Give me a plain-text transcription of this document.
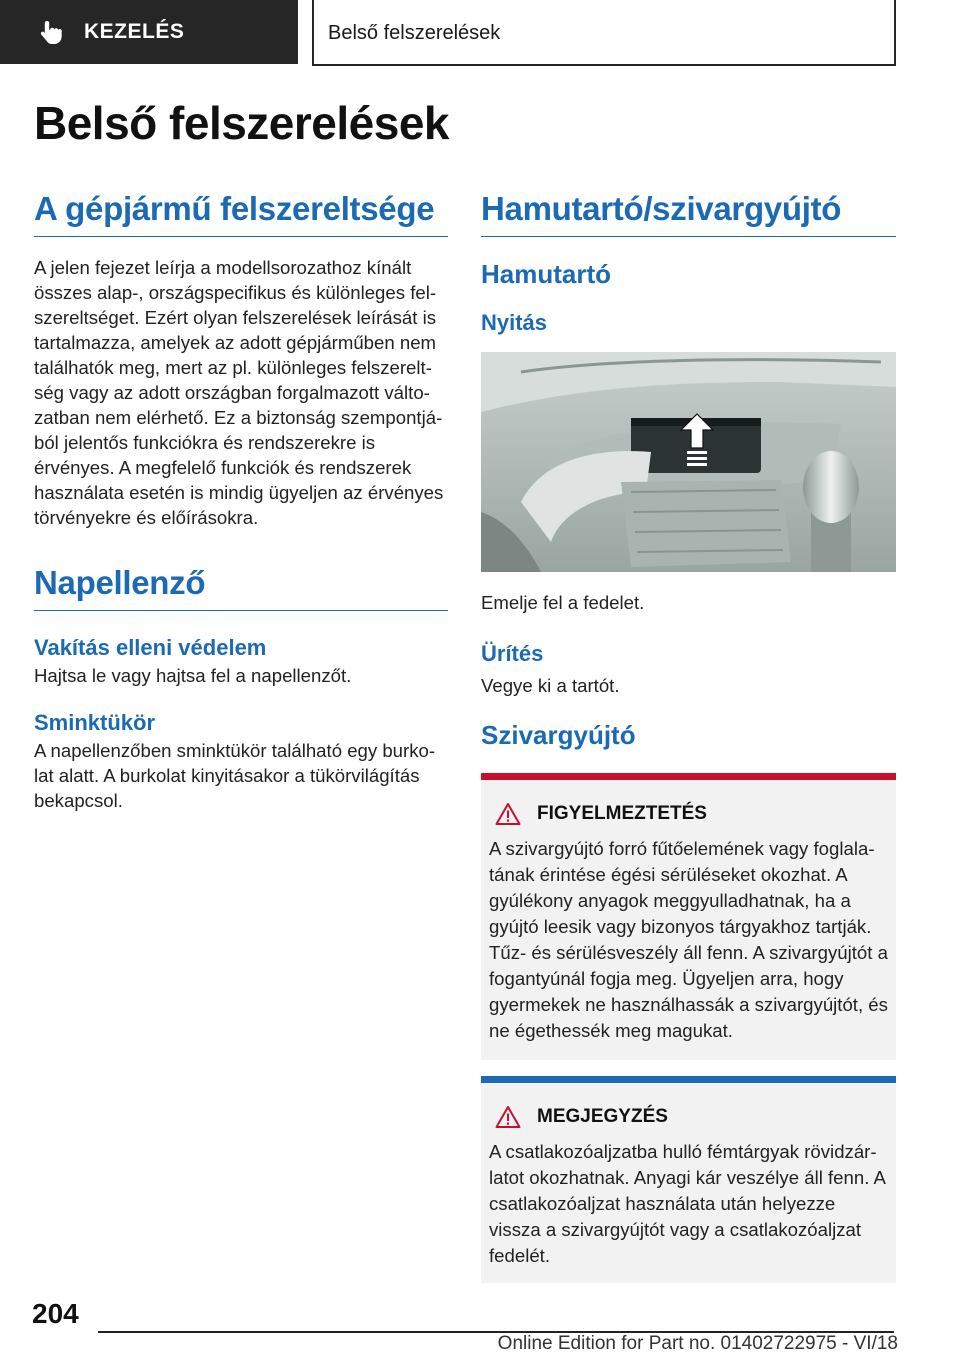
KEZELÉS	Belső felszerelések
Belső felszerelések
A gépjármű felszereltsége

A jelen fejezet leírja a modellsorozathoz kínált összes alap-, országspecifikus és különleges felszereltséget. Ezért olyan felszerelések leírását is tartalmazza, amelyek az adott gépjárműben nem találhatók meg, mert az pl. különleges felszereltség vagy az adott országban forgalmazott változatban nem elérhető. Ez a biztonság szempontjából jelentős funkciókra és rendszerekre is érvényes. A megfelelő funkciók és rendszerek használata esetén is mindig ügyeljen az érvényes törvényekre és előírásokra.

Napellenző
Vakítás elleni védelem

Hajtsa le vagy hajtsa fel a napellenzőt.

Sminktükör

A napellenzőben sminktükör található egy burkolat alatt. A burkolat kinyitásakor a tükörvilágítás bekapcsol.

Hamutartó/szivargyújtó
Hamutartó
Nyitás

Emelje fel a fedelet.

Ürítés

Vegye ki a tartót.

Szivargyújtó
FIGYELMEZTETÉS

A szivargyújtó forró fűtőelemének vagy foglalatának érintése égési sérüléseket okozhat. A gyúlékony anyagok meggyulladhatnak, ha a gyújtó leesik vagy bizonyos tárgyakhoz tartják. Tűz- és sérülésveszély áll fenn. A szivargyújtót a fogantyúnál fogja meg. Ügyeljen arra, hogy gyermekek ne használhassák a szivargyújtót, és ne égethessék meg magukat.

MEGJEGYZÉS

A csatlakozóaljzatba hulló fémtárgyak rövidzárlatot okozhatnak. Anyagi kár veszélye áll fenn. A csatlakozóaljzat használata után helyezze vissza a szivargyújtót vagy a csatlakozóaljzat fedelét.

204
Online Edition for Part no. 01402722975 - VI/18
